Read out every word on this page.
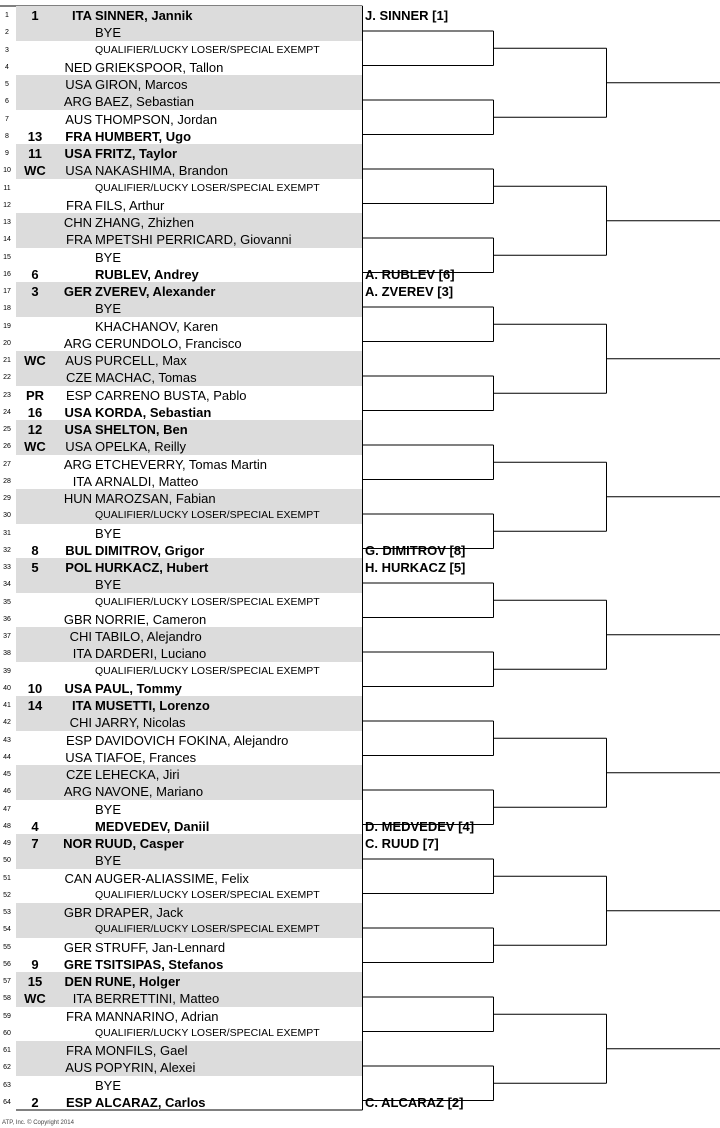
1	1	ITA SINNER, Jannik
2	BYE
3	QUALIFIER/LUCKY LOSER/SPECIAL EXEMPT
4	NED GRIEKSPOOR, Tallon
5	USA GIRON, Marcos
6	ARG BAEZ, Sebastian
7	AUS THOMPSON, Jordan
8	13	FRA HUMBERT, Ugo
9	11	USA FRITZ, Taylor
10	WC	USA NAKASHIMA, Brandon
11	QUALIFIER/LUCKY LOSER/SPECIAL EXEMPT
12	FRA FILS, Arthur
13	CHN ZHANG, Zhizhen
14	FRA MPETSHI PERRICARD, Giovanni
15	BYE
16	6	RUBLEV, Andrey
17	3	GER ZVEREV, Alexander
18	BYE
19	KHACHANOV, Karen
20	ARG CERUNDOLO, Francisco
21	WC	AUS PURCELL, Max
22	CZE MACHAC, Tomas
23	PR	ESP CARRENO BUSTA, Pablo
24	16	USA KORDA, Sebastian
25	12	USA SHELTON, Ben
26	WC	USA OPELKA, Reilly
27	ARG ETCHEVERRY, Tomas Martin
28	ITA ARNALDI, Matteo
29	HUN MAROZSAN, Fabian
30	QUALIFIER/LUCKY LOSER/SPECIAL EXEMPT
31	BYE
32	8	BUL DIMITROV, Grigor
33	5	POL HURKACZ, Hubert
34	BYE
35	QUALIFIER/LUCKY LOSER/SPECIAL EXEMPT
36	GBR NORRIE, Cameron
37	CHI TABILO, Alejandro
38	ITA DARDERI, Luciano
39	QUALIFIER/LUCKY LOSER/SPECIAL EXEMPT
40	10	USA PAUL, Tommy
41	14	ITA MUSETTI, Lorenzo
42	CHI JARRY, Nicolas
43	ESP DAVIDOVICH FOKINA, Alejandro
44	USA TIAFOE, Frances
45	CZE LEHECKA, Jiri
46	ARG NAVONE, Mariano
47	BYE
48	4	MEDVEDEV, Daniil
49	7	NOR RUUD, Casper
50	BYE
51	CAN AUGER-ALIASSIME, Felix
52	QUALIFIER/LUCKY LOSER/SPECIAL EXEMPT
53	GBR DRAPER, Jack
54	QUALIFIER/LUCKY LOSER/SPECIAL EXEMPT
55	GER STRUFF, Jan-Lennard
56	9	GRE TSITSIPAS, Stefanos
57	15	DEN RUNE, Holger
58	WC	ITA BERRETTINI, Matteo
59	FRA MANNARINO, Adrian
60	QUALIFIER/LUCKY LOSER/SPECIAL EXEMPT
61	FRA MONFILS, Gael
62	AUS POPYRIN, Alexei
63	BYE
64	2	ESP ALCARAZ, Carlos
ATP, Inc. © Copyright 2014
J. SINNER [1]
A. RUBLEV [6]
A. ZVEREV [3]
G. DIMITROV [8]
H. HURKACZ [5]
D. MEDVEDEV [4]
C. RUUD [7]
C. ALCARAZ [2]
